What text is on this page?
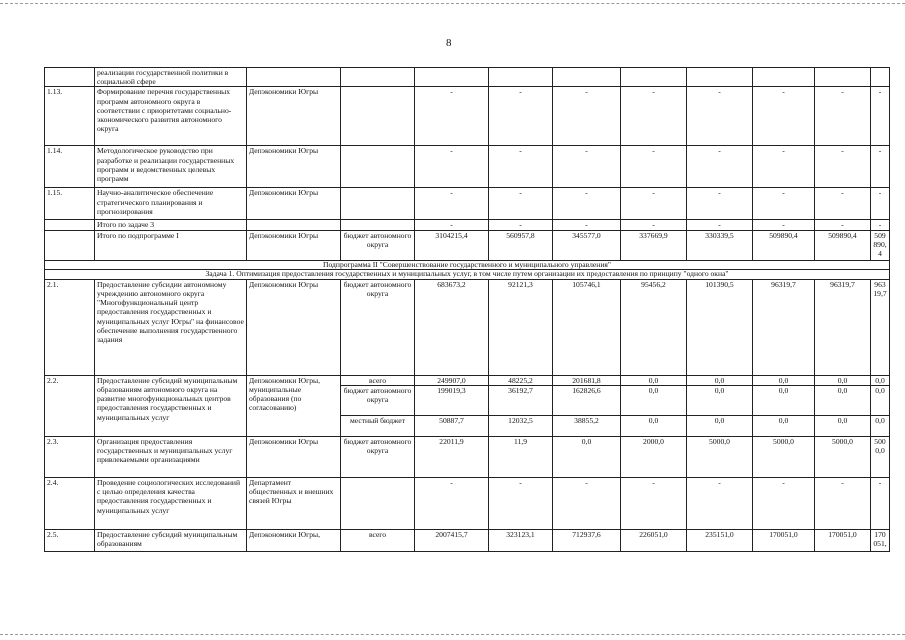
8
	реализации государственной политики в социальной сфере										
1.13.	Формирование перечня государственных программ автономного округа в соответствии с приоритетами социально-экономического развития автономного округа	Депэкономики Югры		-	-	-	-	-	-	-	-
1.14.	Методологическое руководство при разработке и реализации государственных программ и ведомственных целевых программ	Депэкономики Югры		-	-	-	-	-	-	-	-
1.15.	Научно-аналитическое обеспечение стратегического планирования и прогнозирования	Депэкономики Югры		-	-	-	-	-	-	-	-
	Итого по задаче 3			-	-	-	-	-	-	-	-
	Итого по подпрограмме I	Депэкономики Югры	бюджет автономного округа	3104215,4	560957,8	345577,0	337669,9	330339,5	509890,4	509890,4	509 890, 4
Подпрограмма II "Совершенствование государственного и муниципального управления"											
Задача 1. Оптимизация предоставления государственных и муниципальных услуг, в том числе путем организации их предоставления по принципу "одного окна"											
2.1.	Предоставление субсидии автономному учреждению автономного округа "Многофункциональный центр предоставления государственных и муниципальных услуг Югры" на финансовое обеспечение выполнения государственного задания	Депэкономики Югры	бюджет автономного округа	683673,2	92121,3	105746,1	95456,2	101390,5	96319,7	96319,7	963 19,7
2.2.	Предоставление субсидий муниципальным образованиям автономного округа на развитие многофункциональных центров предоставления государственных и муниципальных услуг	Депэкономики Югры, муниципальные образования (по согласованию)	всего	249907,0	48225,2	201681,8	0,0	0,0	0,0	0,0	0,0
			бюджет автономного округа	199019,3	36192,7	162826,6	0,0	0,0	0,0	0,0	0,0
			местный бюджет	50887,7	12032,5	38855,2	0,0	0,0	0,0	0,0	0,0
2.3.	Организация предоставления государственных и муниципальных услуг привлекаемыми организациями	Депэкономики Югры	бюджет автономного округа	22011,9	11,9	0,0	2000,0	5000,0	5000,0	5000,0	500 0,0
2.4.	Проведение социологических исследований с целью определения качества предоставления государственных и муниципальных услуг	Департамент общественных и внешних связей Югры		-	-	-	-	-	-	-	-
2.5.	Предоставление субсидий муниципальным образованиям	Депэкономики Югры,	всего	2007415,7	323123,1	712937,6	226051,0	235151,0	170051,0	170051,0	170 051,
